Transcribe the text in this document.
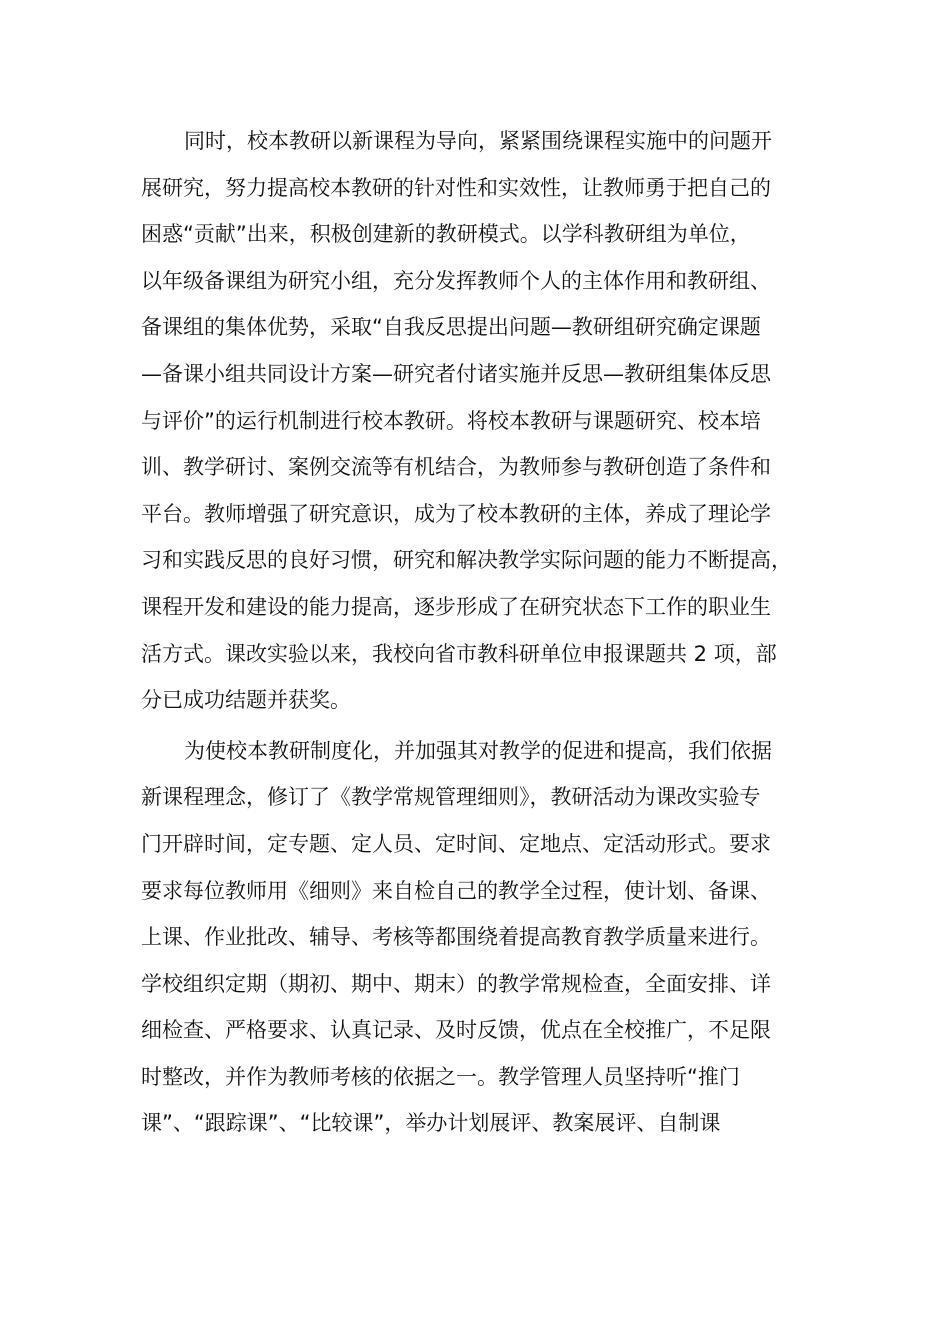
同时，校本教研以新课程为导向，紧紧围绕课程实施中的问题开
展研究，努力提高校本教研的针对性和实效性，让教师勇于把自己的
困惑“贡献”出来，积极创建新的教研模式。以学科教研组为单位，
以年级备课组为研究小组，充分发挥教师个人的主体作用和教研组、
备课组的集体优势，采取“自我反思提出问题—教研组研究确定课题
—备课小组共同设计方案—研究者付诸实施并反思—教研组集体反思
与评价”的运行机制进行校本教研。将校本教研与课题研究、校本培
训、教学研讨、案例交流等有机结合，为教师参与教研创造了条件和
平台。教师增强了研究意识，成为了校本教研的主体，养成了理论学
习和实践反思的良好习惯，研究和解决教学实际问题的能力不断提高，
课程开发和建设的能力提高，逐步形成了在研究状态下工作的职业生
活方式。课改实验以来，我校向省市教科研单位申报课题共 2 项，部
分已成功结题并获奖。
为使校本教研制度化，并加强其对教学的促进和提高，我们依据
新课程理念，修订了《教学常规管理细则》，教研活动为课改实验专
门开辟时间，定专题、定人员、定时间、定地点、定活动形式。要求
要求每位教师用《细则》来自检自己的教学全过程，使计划、备课、
上课、作业批改、辅导、考核等都围绕着提高教育教学质量来进行。
学校组织定期（期初、期中、期末）的教学常规检查，全面安排、详
细检查、严格要求、认真记录、及时反馈，优点在全校推广，不足限
时整改，并作为教师考核的依据之一。教学管理人员坚持听“推门
课”、“跟踪课”、“比较课”，举办计划展评、教案展评、自制课
